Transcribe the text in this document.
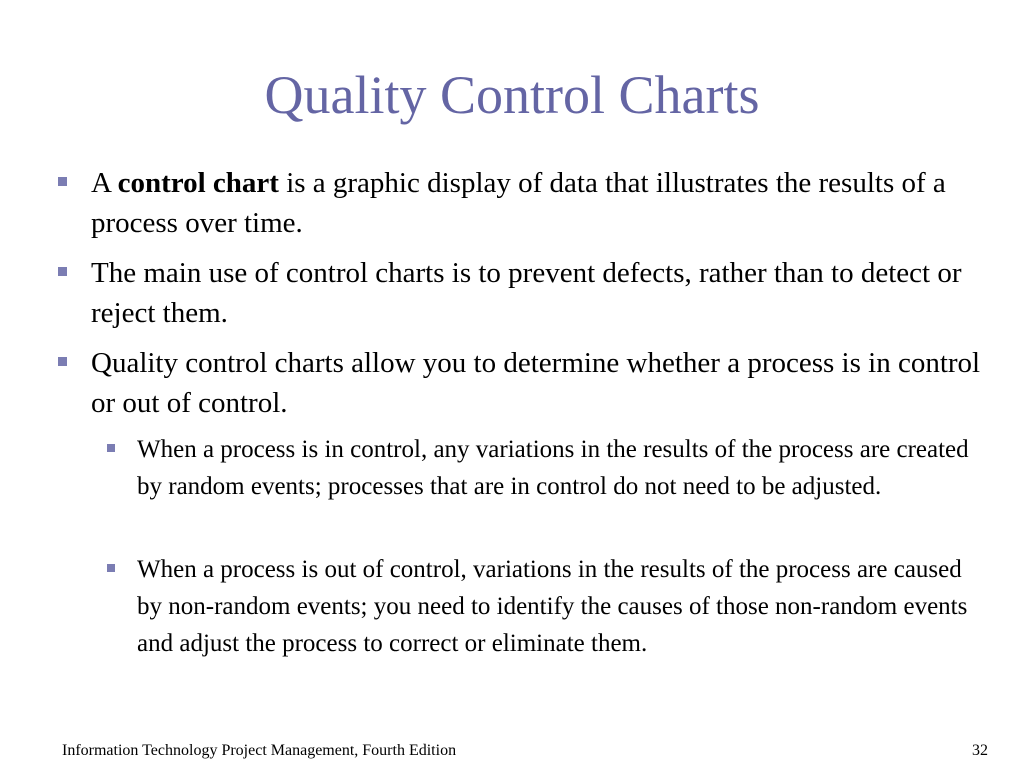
Quality Control Charts
A control chart is a graphic display of data that illustrates the results of a process over time.
The main use of control charts is to prevent defects, rather than to detect or reject them.
Quality control charts allow you to determine whether a process is in control or out of control.
When a process is in control, any variations in the results of the process are created by random events; processes that are in control do not need to be adjusted.
When a process is out of control, variations in the results of the process are caused by non-random events; you need to identify the causes of those non-random events and adjust the process to correct or eliminate them.
Information Technology Project Management, Fourth Edition	32
